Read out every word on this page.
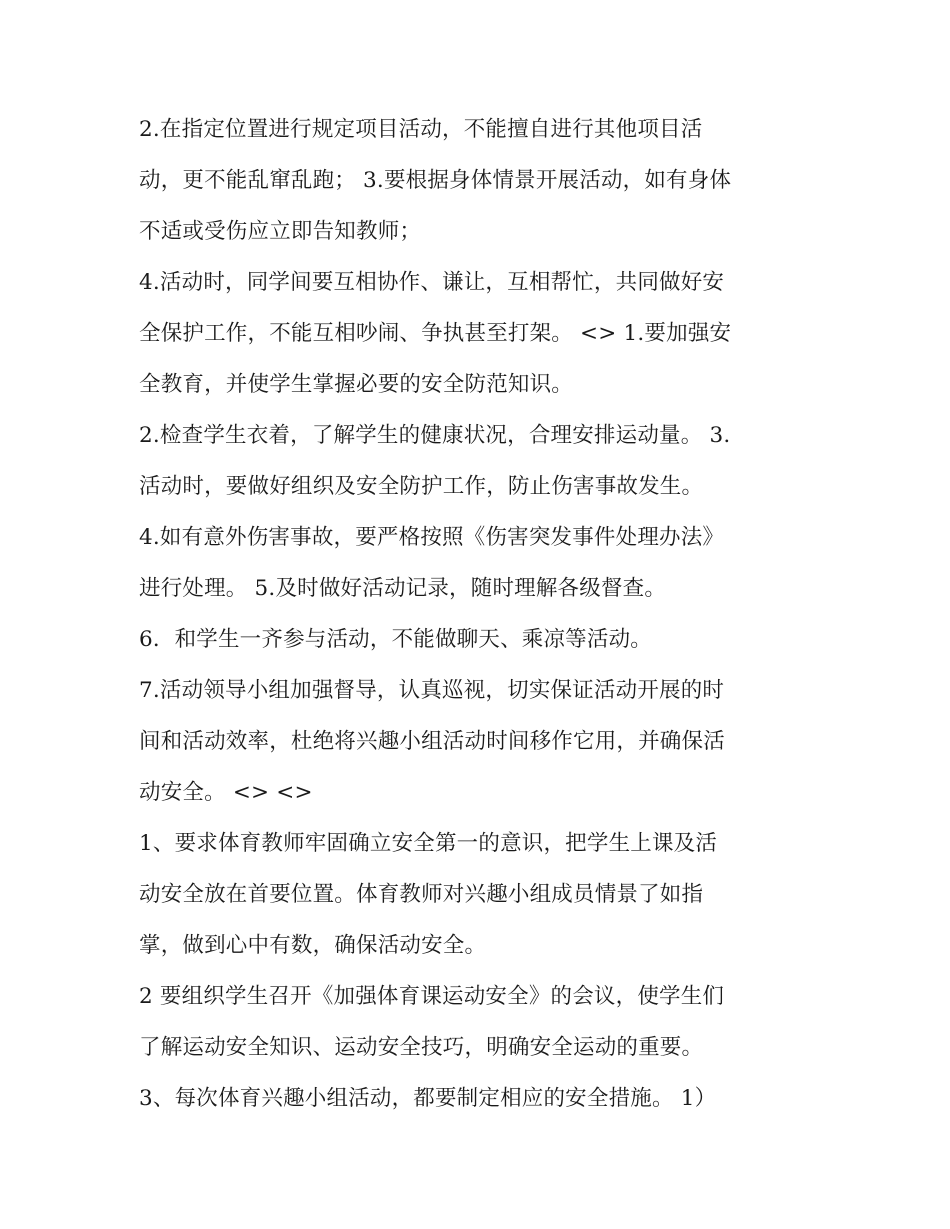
2.在指定位置进行规定项目活动，不能擅自进行其他项目活
动，更不能乱窜乱跑； 3.要根据身体情景开展活动，如有身体
不适或受伤应立即告知教师；
4.活动时，同学间要互相协作、谦让，互相帮忙，共同做好安
全保护工作，不能互相吵闹、争执甚至打架。 <> 1.要加强安
全教育，并使学生掌握必要的安全防范知识。
2.检查学生衣着，了解学生的健康状况，合理安排运动量。 3.
活动时，要做好组织及安全防护工作，防止伤害事故发生。
4.如有意外伤害事故，要严格按照《伤害突发事件处理办法》
进行处理。 5.及时做好活动记录，随时理解各级督查。
6．和学生一齐参与活动，不能做聊天、乘凉等活动。
7.活动领导小组加强督导，认真巡视，切实保证活动开展的时
间和活动效率，杜绝将兴趣小组活动时间移作它用，并确保活
动安全。 <> <>
1、要求体育教师牢固确立安全第一的意识，把学生上课及活
动安全放在首要位置。体育教师对兴趣小组成员情景了如指
掌，做到心中有数，确保活动安全。
2 要组织学生召开《加强体育课运动安全》的会议，使学生们
了解运动安全知识、运动安全技巧，明确安全运动的重要。
3、每次体育兴趣小组活动，都要制定相应的安全措施。 1）
